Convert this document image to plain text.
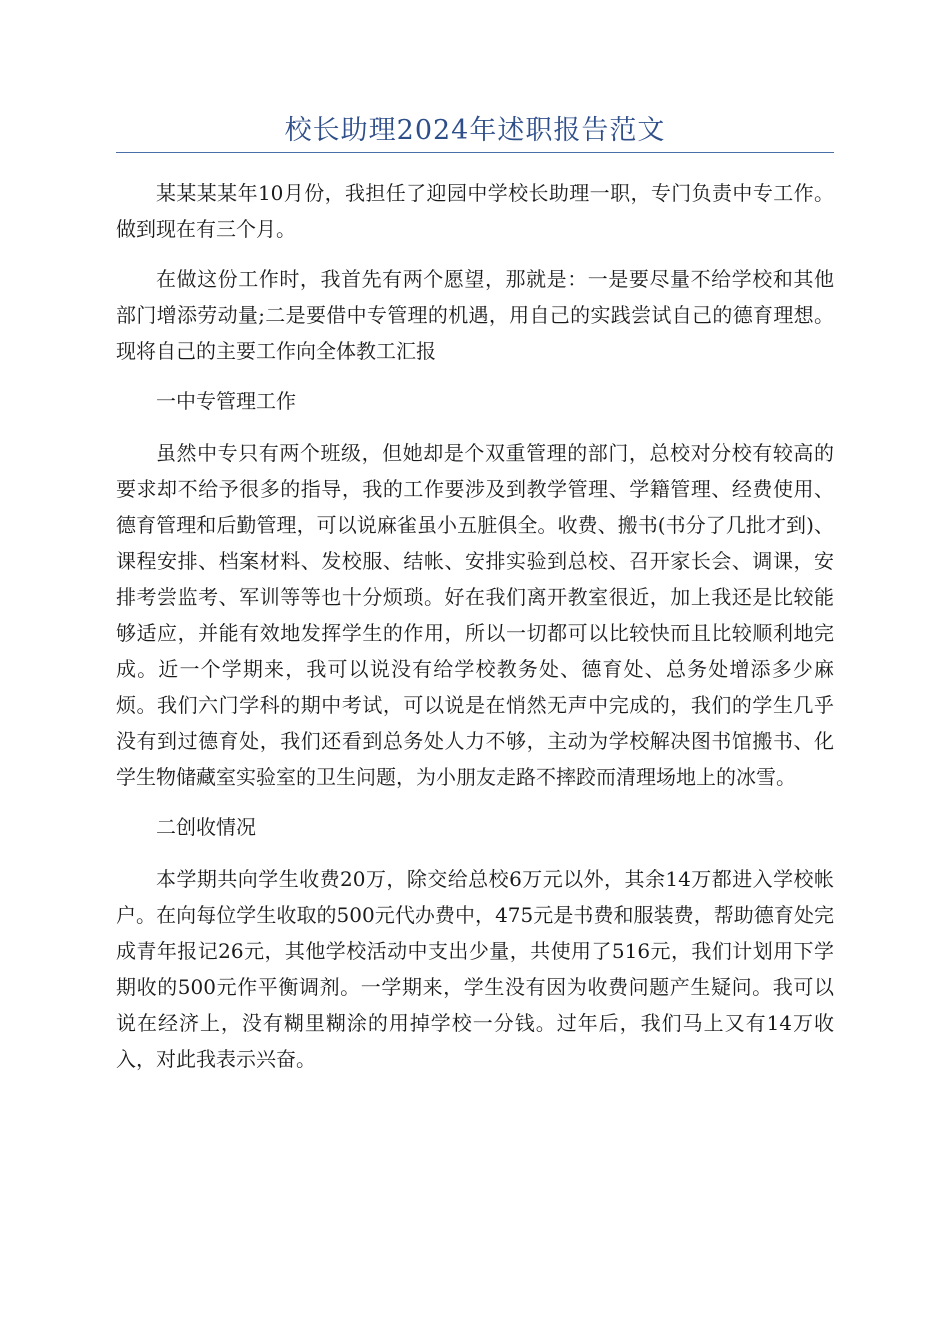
校长助理2024年述职报告范文

某某某某年10月份，我担任了迎园中学校长助理一职，专门负责中专工作。做到现在有三个月。

在做这份工作时，我首先有两个愿望，那就是：一是要尽量不给学校和其他部门增添劳动量;二是要借中专管理的机遇，用自己的实践尝试自己的德育理想。现将自己的主要工作向全体教工汇报

一中专管理工作

虽然中专只有两个班级，但她却是个双重管理的部门，总校对分校有较高的要求却不给予很多的指导，我的工作要涉及到教学管理、学籍管理、经费使用、德育管理和后勤管理，可以说麻雀虽小五脏俱全。收费、搬书(书分了几批才到)、课程安排、档案材料、发校服、结帐、安排实验到总校、召开家长会、调课，安排考尝监考、军训等等也十分烦琐。好在我们离开教室很近，加上我还是比较能够适应，并能有效地发挥学生的作用，所以一切都可以比较快而且比较顺利地完成。近一个学期来，我可以说没有给学校教务处、德育处、总务处增添多少麻烦。我们六门学科的期中考试，可以说是在悄然无声中完成的，我们的学生几乎没有到过德育处，我们还看到总务处人力不够，主动为学校解决图书馆搬书、化学生物储藏室实验室的卫生问题，为小朋友走路不摔跤而清理场地上的冰雪。

二创收情况

本学期共向学生收费20万，除交给总校6万元以外，其余14万都进入学校帐户。在向每位学生收取的500元代办费中，475元是书费和服装费，帮助德育处完成青年报记26元，其他学校活动中支出少量，共使用了516元，我们计划用下学期收的500元作平衡调剂。一学期来，学生没有因为收费问题产生疑问。我可以说在经济上，没有糊里糊涂的用掉学校一分钱。过年后，我们马上又有14万收入，对此我表示兴奋。
